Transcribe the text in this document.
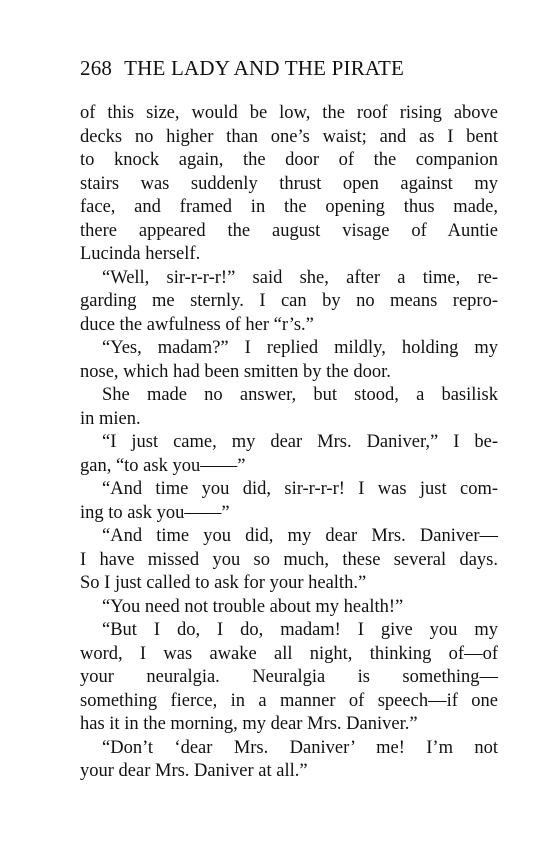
268 THE LADY AND THE PIRATE
of this size, would be low, the roof rising above
decks no higher than one’s waist; and as I bent
to knock again, the door of the companion
stairs was suddenly thrust open against my
face, and framed in the opening thus made,
there appeared the august visage of Auntie
Lucinda herself.
“Well, sir-r-r-r!” said she, after a time, re-
garding me sternly. I can by no means repro-
duce the awfulness of her “r’s.”
“Yes, madam?” I replied mildly, holding my
nose, which had been smitten by the door.
She made no answer, but stood, a basilisk
in mien.
“I just came, my dear Mrs. Daniver,” I be-
gan, “to ask you——”
“And time you did, sir-r-r-r! I was just com-
ing to ask you——”
“And time you did, my dear Mrs. Daniver—
I have missed you so much, these several days.
So I just called to ask for your health.”
“You need not trouble about my health!”
“But I do, I do, madam! I give you my
word, I was awake all night, thinking of—of
your neuralgia. Neuralgia is something—
something fierce, in a manner of speech—if one
has it in the morning, my dear Mrs. Daniver.”
“Don’t ‘dear Mrs. Daniver’ me! I’m not
your dear Mrs. Daniver at all.”
